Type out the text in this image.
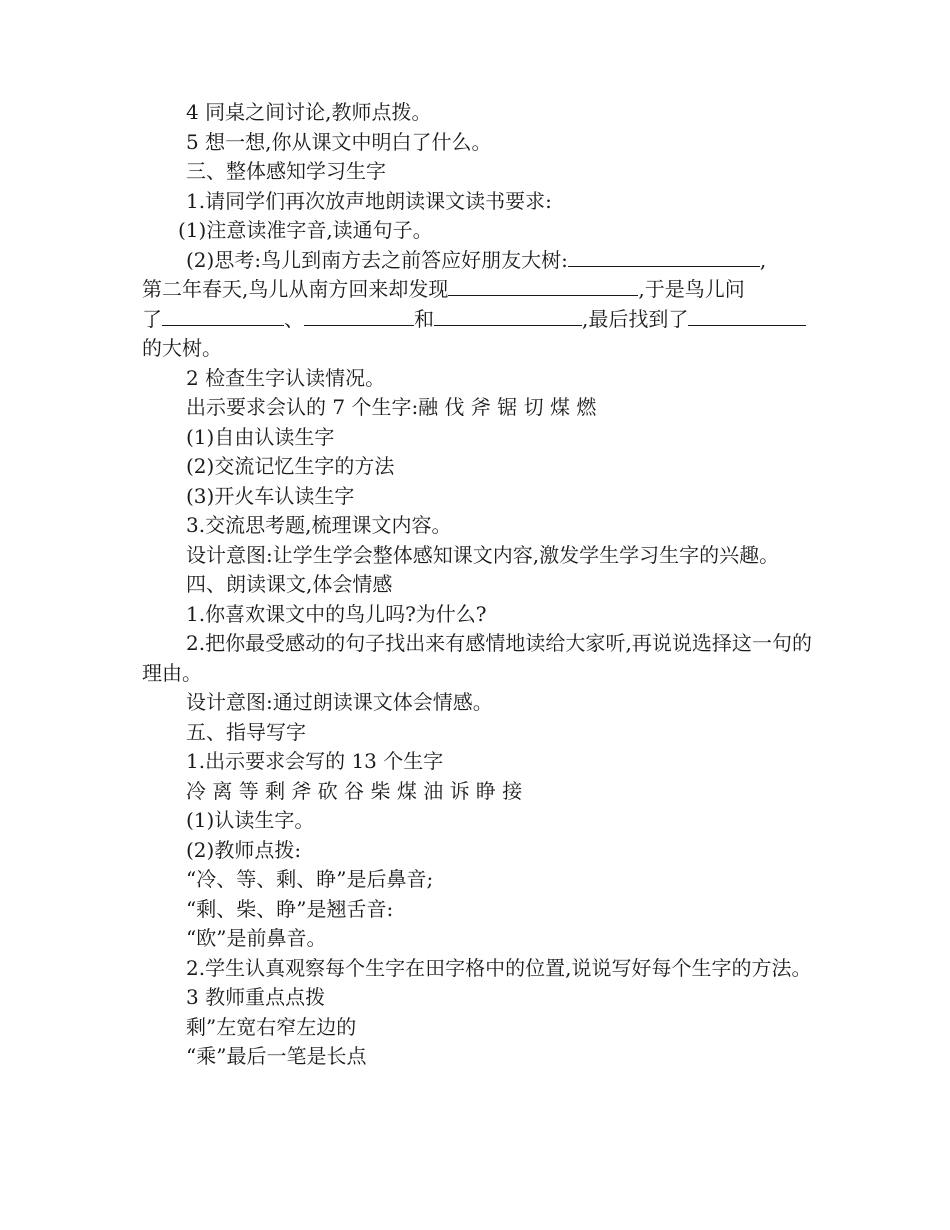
4 同桌之间讨论,教师点拨。
5 想一想,你从课文中明白了什么。
三、整体感知学习生字
1.请同学们再次放声地朗读课文读书要求:
(1)注意读准字音,读通句子。
(2)思考:鸟儿到南方去之前答应好朋友大树:	,
第二年春天,鸟儿从南方回来却发现	,于是鸟儿问
了	、	和	,最后找到了
的大树。
2 检查生字认读情况。
出示要求会认的 7 个生字:融 伐 斧 锯 切 煤 燃
(1)自由认读生字
(2)交流记忆生字的方法
(3)开火车认读生字
3.交流思考题,梳理课文内容。
设计意图:让学生学会整体感知课文内容,激发学生学习生字的兴趣。
四、朗读课文,体会情感
1.你喜欢课文中的鸟儿吗?为什么?
2.把你最受感动的句子找出来有感情地读给大家听,再说说选择这一句的理由。
设计意图:通过朗读课文体会情感。
五、指导写字
1.出示要求会写的 13 个生字
冷 离 等 剩 斧 砍 谷 柴 煤 油 诉 睁 接
(1)认读生字。
(2)教师点拨:
“冷、等、剩、睁”是后鼻音;
“剩、柴、睁”是翘舌音:
“欧”是前鼻音。
2.学生认真观察每个生字在田字格中的位置,说说写好每个生字的方法。
3 教师重点点拨
剩”左宽右窄左边的
“乘”最后一笔是长点
